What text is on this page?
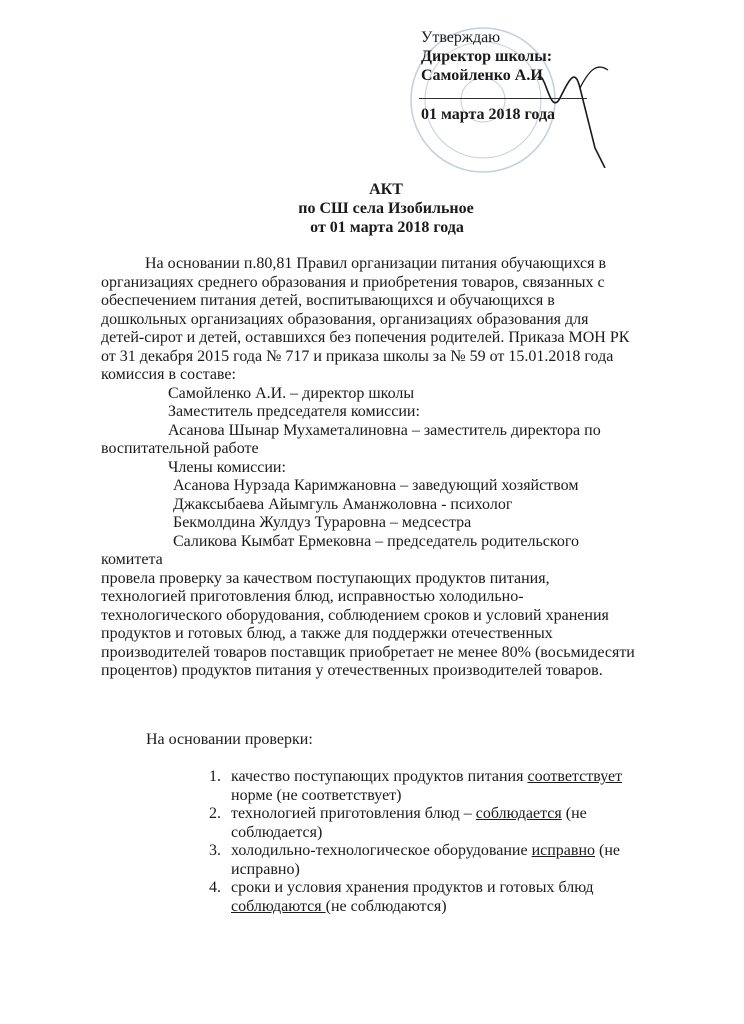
Утверждаю
Директор школы:
Самойленко А.И
01 марта 2018 года
АКТ
по СШ села Изобильное
от 01 марта 2018 года
На основании п.80,81 Правил организации питания обучающихся в
организациях среднего образования и приобретения товаров, связанных с
обеспечением питания детей, воспитывающихся и обучающихся в
дошкольных организациях образования, организациях образования для
детей-сирот и детей, оставшихся без попечения родителей. Приказа МОН РК
от 31 декабря 2015 года № 717 и приказа школы за № 59 от 15.01.2018 года
комиссия в составе:
Самойленко А.И. – директор школы
Заместитель председателя комиссии:
Асанова Шынар Мухаметалиновна – заместитель директора по
воспитательной работе
Члены комиссии:
Асанова Нурзада Каримжановна – заведующий хозяйством
Джаксыбаева Айымгуль Аманжоловна - психолог
Бекмолдина Жулдуз Тураровна – медсестра
Саликова Кымбат Ермековна – председатель родительского
комитета
провела проверку за качеством поступающих продуктов питания,
технологией приготовления блюд, исправностью холодильно-
технологического оборудования, соблюдением сроков и условий хранения
продуктов и готовых блюд, а также для поддержки отечественных
производителей товаров поставщик приобретает не менее 80% (восьмидесяти
процентов) продуктов питания у отечественных производителей товаров.
На основании проверки:
1. качество поступающих продуктов питания соответствует
норме (не соответствует)
2. технологией приготовления блюд – соблюдается (не
соблюдается)
3. холодильно-технологическое оборудование исправно (не
исправно)
4. сроки и условия хранения продуктов и готовых блюд
соблюдаются (не соблюдаются)
